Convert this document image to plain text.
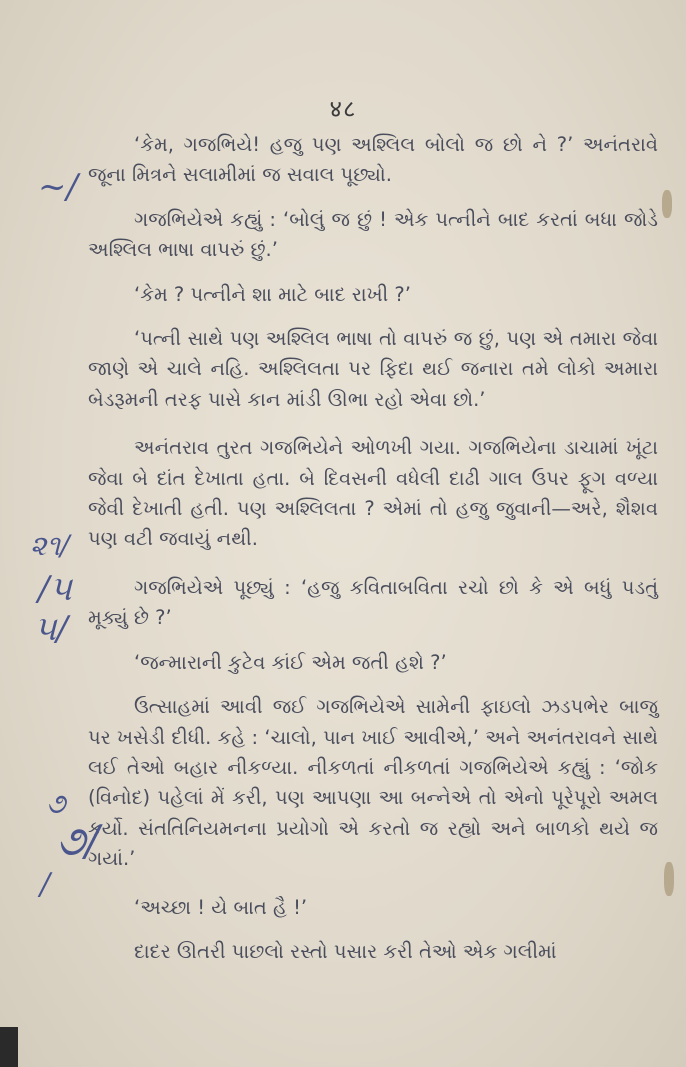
४८

‘કેમ, ગજભિયે! હજુ પણ અશ્લિલ બોલો જ છો ને ?’ અનંતરાવે જૂના મિત્રને સલામીમાં જ સવાલ પૂછ્યો.

ગજભિયેએ કહ્યું : ‘બોલું જ છું ! એક પત્નીને બાદ કરતાં બધા જોડે અશ્લિલ ભાષા વાપરું છું.’

‘કેમ ? પત્નીને શા માટે બાદ રાખી ?’

‘પત્ની સાથે પણ અશ્લિલ ભાષા તો વાપરું જ છું, પણ એ તમારા જેવા જાણે એ ચાલે નહિ. અશ્લિલતા પર ફિદા થઈ જનારા તમે લોકો અમારા બેડરૂમની તરફ પાસે કાન માંડી ઊભા રહો એવા છો.’

અનંતરાવ તુરત ગજભિયેને ઓળખી ગયા. ગજભિયેના ડાચામાં ખૂંટા જેવા બે દાંત દેખાતા હતા. બે દિવસની વધેલી દાઢી ગાલ ઉપર ફૂગ વળ્યા જેવી દેખાતી હતી. પણ અશ્લિલતા ? એમાં તો હજુ જુવાની—અરે, શૈશવ પણ વટી જવાયું નથી.

ગજભિયેએ પૂછ્યું : ‘હજુ કવિતાબવિતા રચો છો કે એ બધું પડતું મૂક્યું છે ?’

‘જન્મારાની કુટેવ કાંઈ એમ જતી હશે ?’

ઉત્સાહમાં આવી જઈ ગજભિયેએ સામેની ફાઇલો ઝડપભેર બાજુ પર ખસેડી દીધી. કહે : ‘ચાલો, પાન ખાઈ આવીએ,’ અને અનંતરાવને સાથે લઈ તેઓ બહાર નીકળ્યા. નીકળતાં નીકળતાં ગજભિયેએ કહ્યું : ‘જોક (વિનોદ) પહેલાં મેં કરી, પણ આપણા આ બન્નેએ તો એનો પૂરેપૂરો અમલ કર્યો. સંતતિનિયમનના પ્રયોગો એ કરતો જ રહ્યો અને બાળકો થયે જ ગયાં.’

‘અચ્છા ! યે બાત હૈ !’

દાદર ઊતરી પાછલો રસ્તો પસાર કરી તેઓ એક ગલીમાં

~/
૨૧/
/૫
૫/
૭
૭/
/
